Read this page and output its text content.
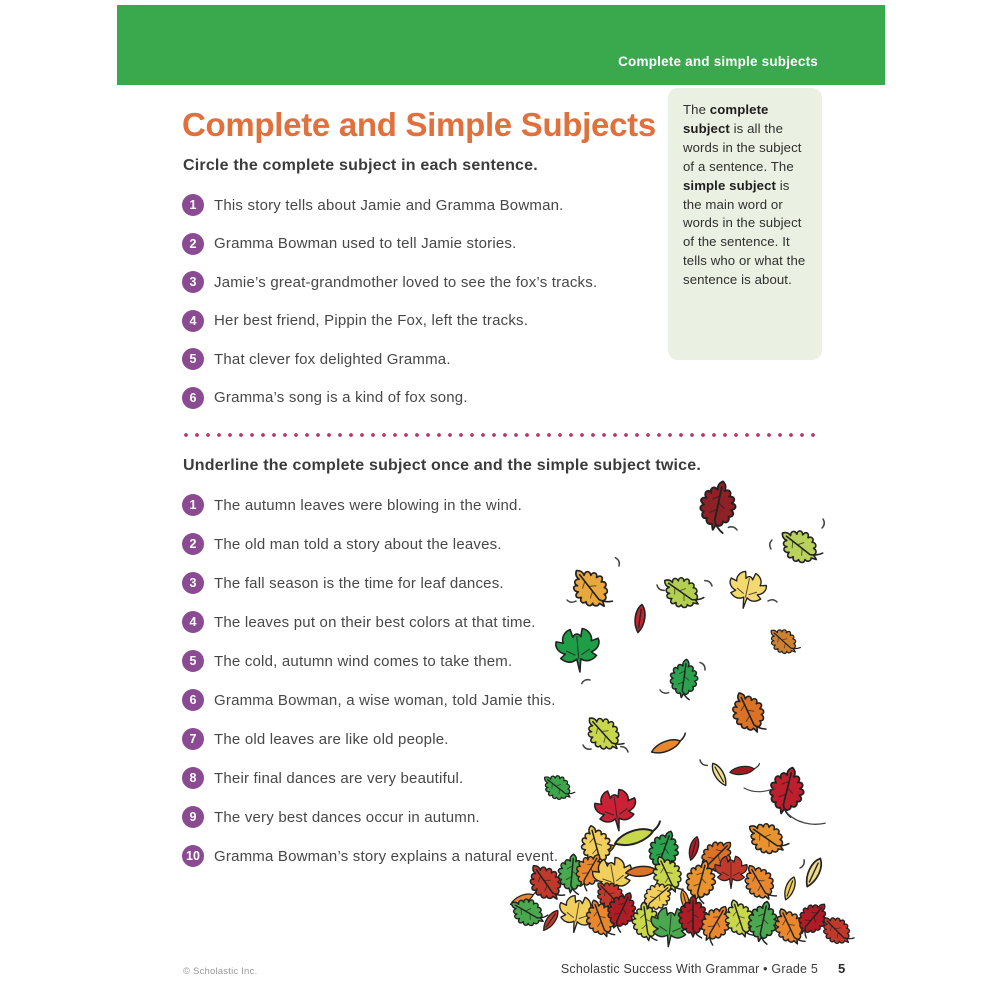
Complete and simple subjects
Complete and Simple Subjects The complete subject is all the words in the subject of a sentence. The simple subject is the main word or words in the subject of the sentence. It tells who or what the sentence is about.
Circle the complete subject in each sentence.
1	This story tells about Jamie and Gramma Bowman.
2	Gramma Bowman used to tell Jamie stories.
3	Jamie’s great-grandmother loved to see the fox’s tracks.
4	Her best friend, Pippin the Fox, left the tracks.
5	That clever fox delighted Gramma.
6	Gramma’s song is a kind of fox song.
Underline the complete subject once and the simple subject twice.
1	The autumn leaves were blowing in the wind.
2	The old man told a story about the leaves.
3	The fall season is the time for leaf dances.
4	The leaves put on their best colors at that time.
5	The cold, autumn wind comes to take them.
6	Gramma Bowman, a wise woman, told Jamie this.
7	The old leaves are like old people.
8	Their final dances are very beautiful.
9	The very best dances occur in autumn.
10 Gramma Bowman’s story explains a natural event.
© Scholastic Inc.	Scholastic Success With Grammar • Grade 5 5
